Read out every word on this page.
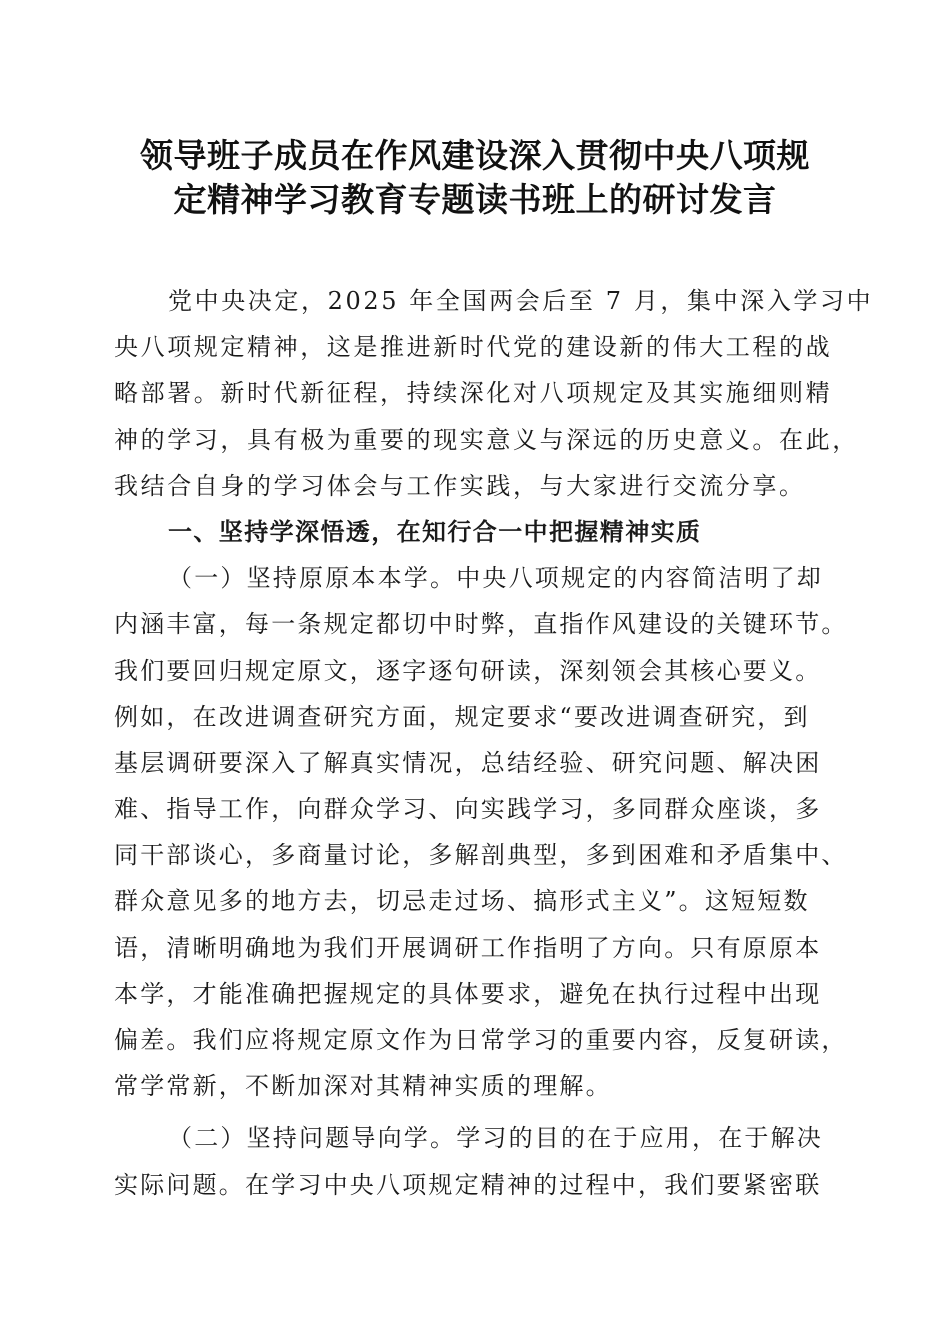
领导班子成员在作风建设深入贯彻中央八项规
定精神学习教育专题读书班上的研讨发言
党中央决定，2025 年全国两会后至 7 月，集中深入学习中
央八项规定精神，这是推进新时代党的建设新的伟大工程的战
略部署。新时代新征程，持续深化对八项规定及其实施细则精
神的学习，具有极为重要的现实意义与深远的历史意义。在此，
我结合自身的学习体会与工作实践，与大家进行交流分享。
一、坚持学深悟透，在知行合一中把握精神实质
（一）坚持原原本本学。中央八项规定的内容简洁明了却
内涵丰富，每一条规定都切中时弊，直指作风建设的关键环节。
我们要回归规定原文，逐字逐句研读，深刻领会其核心要义。
例如，在改进调查研究方面，规定要求“要改进调查研究，到
基层调研要深入了解真实情况，总结经验、研究问题、解决困
难、指导工作，向群众学习、向实践学习，多同群众座谈，多
同干部谈心，多商量讨论，多解剖典型，多到困难和矛盾集中、
群众意见多的地方去，切忌走过场、搞形式主义”。这短短数
语，清晰明确地为我们开展调研工作指明了方向。只有原原本
本学，才能准确把握规定的具体要求，避免在执行过程中出现
偏差。我们应将规定原文作为日常学习的重要内容，反复研读，
常学常新，不断加深对其精神实质的理解。
（二）坚持问题导向学。学习的目的在于应用，在于解决
实际问题。在学习中央八项规定精神的过程中，我们要紧密联
